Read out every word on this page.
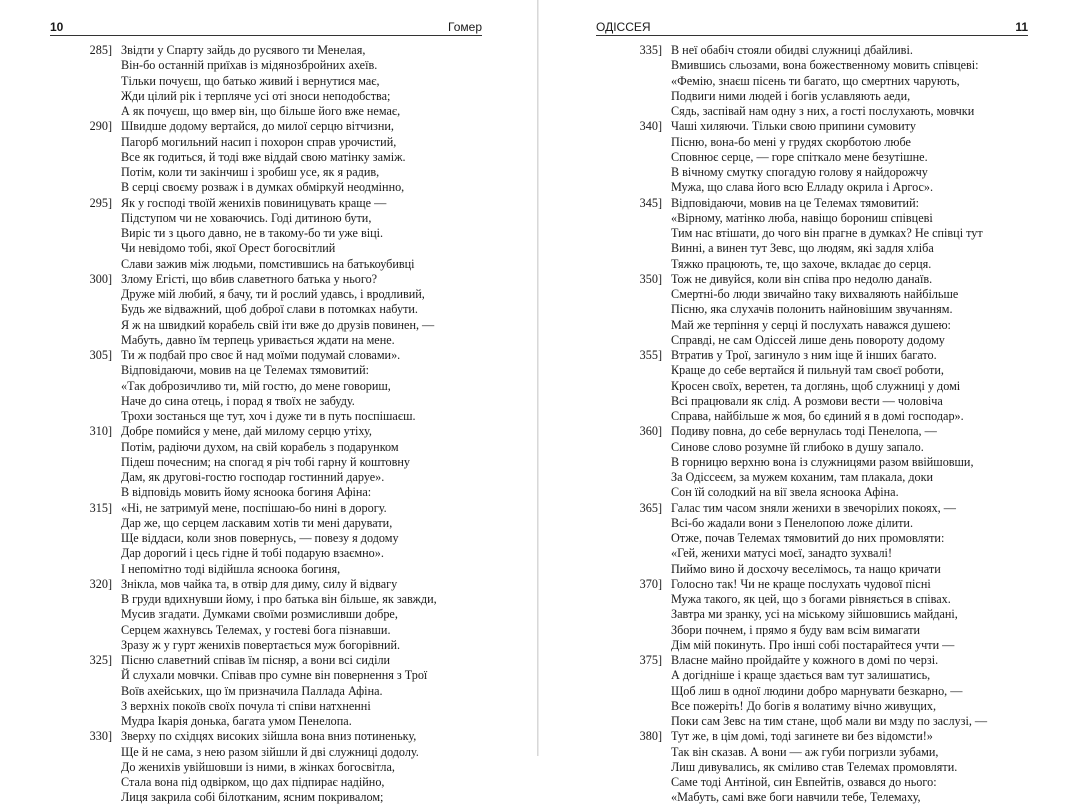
10	Гомер
285] Звідти у Спарту зайдь до русявого ти Менелая,
Він-бо останній приїхав із мідянозбройних ахеїв.
Тільки почуєш, що батько живий і вернутися має,
Жди цілий рік і терпляче усі оті зноси неподобства;
А як почуєш, що вмер він, що більше його вже немає,
290] Швидше додому вертайся, до милої серцю вітчизни,
Пагорб могильний насип і похорон справ урочистий,
Все як годиться, й тоді вже віддай свою матінку заміж.
Потім, коли ти закінчиш і зробиш усе, як я радив,
В серці своєму розваж і в думках обміркуй неодмінно,
295] Як у господі твоїй женихів повиницувать краще —
Підступом чи не ховаючись. Годі дитиною бути,
Виріс ти з цього давно, не в такому-бо ти уже віці.
Чи невідомо тобі, якої Орест богосвітлий
Слави зажив між людьми, помстившись на батькоубивці
300] Злому Егісті, що вбив славетного батька у нього?
Друже мій любий, я бачу, ти й рослий удавсь, і вродливий,
Будь же відважний, щоб доброї слави в потомках набути.
Я ж на швидкий корабель свій іти вже до друзів повинен, —
Мабуть, давно їм терпець уривається ждати на мене.
305] Ти ж подбай про своє й над моїми подумай словами».
Відповідаючи, мовив на це Телемах тямовитий:
«Так доброзичливо ти, мій гостю, до мене говориш,
Наче до сина отець, і порад я твоїх не забуду.
Трохи зостанься ще тут, хоч і дуже ти в путь поспішаєш.
310] Добре помийся у мене, дай милому серцю утіху,
Потім, радіючи духом, на свій корабель з подарунком
Підеш почесним; на спогад я річ тобі гарну й коштовну
Дам, як другові-гостю господар гостинний даруе».
В відповідь мовить йому ясноока богиня Афіна:
315] «Ні, не затримуй мене, поспішаю-бо нині в дорогу.
Дар же, що серцем ласкавим хотів ти мені дарувати,
Ще віддаси, коли знов повернусь, — повезу я додому
Дар дорогий і цесь гідне й тобі подарую взаємно».
І непомітно тоді відійшла ясноока богиня,
320] Знікла, мов чайка та, в отвір для диму, силу й відвагу
В груди вдихнувши йому, і про батька він більше, як завжди,
Мусив згадати. Думками своїми розмисливши добре,
Серцем жахнувсь Телемах, у гостеві бога пізнавши.
Зразу ж у гурт женихів повертається муж богорівний.
325] Пісню славетний співав їм пісняр, а вони всі сиділи
Й слухали мовчки. Співав про сумне він повернення з Трої
Воїв ахейських, що їм призначила Паллада Афіна.
З верхніх покоїв своїх почула ті співи натхненні
Мудра Ікарія донька, багата умом Пенелопа.
330] Зверху по східцях високих зійшла вона вниз потиненьку,
Ще й не сама, з нею разом зійшли й дві служниці додолу.
До женихів увійшовши із ними, в жінках богосвітла,
Стала вона під одвірком, що дах підпирає надійно,
Лиця закрила собі білотканим, ясним покривалом;
ОДІССЕЯ	11
335] В неї обабіч стояли обидві служниці дбайливі.
Вмившись сльозами, вона божественному мовить співцеві:
«Фемію, знаєш пісень ти багато, що смертних чарують,
Подвиги ними людей і богів уславляють аеди,
Сядь, заспівай нам одну з них, а гості послухають, мовчки
340] Чаші хиляючи. Тільки свою припини сумовиту
Пісню, вона-бо мені у грудях скорботою любе
Сповнює серце, — горе спіткало мене безутішне.
В вічному смутку спогадую голову я найдорожчу
Мужа, що слава його всю Елладу окрила і Аргос».
345] Відповідаючи, мовив на це Телемах тямовитий:
«Вірному, матінко люба, навіщо борониш співцеві
Тим нас втішати, до чого він прагне в думках? Не співці тут
Винні, а винен тут Зевс, що людям, які задля хліба
Тяжко працюють, те, що захоче, вкладає до серця.
350] Тож не дивуйся, коли він співа про недолю данаїв.
Смертні-бо люди звичайно таку вихваляють найбільше
Пісню, яка слухачів полонить найновішим звучанням.
Май же терпіння у серці й послухать наважся душею:
Справді, не сам Одіссей лише день повороту додому
355] Втратив у Трої, загинуло з ним іще й інших багато.
Краще до себе вертайся й пильнуй там своєї роботи,
Кросен своїх, веретен, та доглянь, щоб служниці у домі
Всі працювали як слід. А розмови вести — чоловіча
Справа, найбільше ж моя, бо єдиний я в домі господар».
360] Подиву повна, до себе вернулась тоді Пенелопа, —
Синове слово розумне їй глибоко в душу запало.
В горницю верхню вона із служницями разом ввійшовши,
За Одіссеєм, за мужем коханим, там плакала, доки
Сон їй солодкий на вії звела ясноока Афіна.
365] Галас тим часом зняли женихи в звечорілих покоях, —
Всі-бо жадали вони з Пенелопою ложе ділити.
Отже, почав Телемах тямовитий до них промовляти:
«Гей, женихи матусі моєї, занадто зухвалі!
Пиймо вино й досхочу веселімось, та нащо кричати
370] Голосно так! Чи не краще послухать чудової пісні
Мужа такого, як цей, що з богами рівняється в співах.
Завтра ми зранку, усі на міському зійшовшись майдані,
Збори почнем, і прямо я буду вам всім вимагати
Дім мій покинуть. Про інші собі постарайтеся учти —
375] Власне майно пройдайте у кожного в домі по черзі.
А догідніше і краще здається вам тут залишатись,
Щоб лиш в одної людини добро марнувати безкарно, —
Все пожеріть! До богів я волатиму вічно живущих,
Поки сам Зевс на тим стане, щоб мали ви мзду по заслузі, —
380] Тут же, в цім домі, тоді загинете ви без відомсти!»
Так він сказав. А вони — аж губи погризли зубами,
Лиш дивувались, як сміливо став Телемах промовляти.
Саме тоді Антіной, син Евпейтів, озвався до нього:
«Мабуть, самі вже боги навчили тебе, Телемаху,
